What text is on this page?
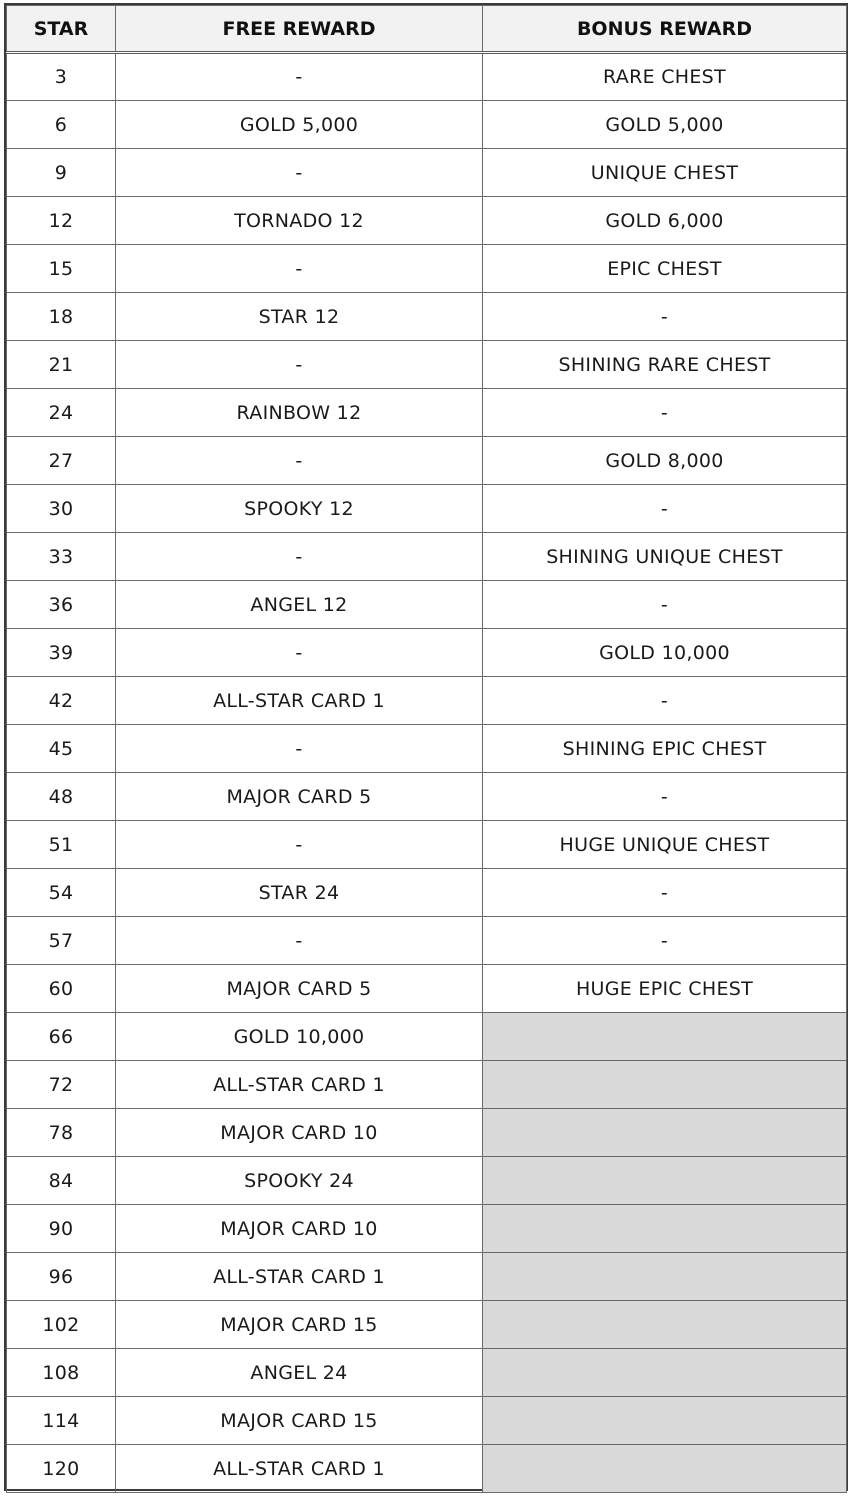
STAR	FREE REWARD	BONUS REWARD
3	-	RARE CHEST
6	GOLD 5,000	GOLD 5,000
9	-	UNIQUE CHEST
12	TORNADO 12	GOLD 6,000
15	-	EPIC CHEST
18	STAR 12	-
21	-	SHINING RARE CHEST
24	RAINBOW 12	-
27	-	GOLD 8,000
30	SPOOKY 12	-
33	-	SHINING UNIQUE CHEST
36	ANGEL 12	-
39	-	GOLD 10,000
42	ALL-STAR CARD 1	-
45	-	SHINING EPIC CHEST
48	MAJOR CARD 5	-
51	-	HUGE UNIQUE CHEST
54	STAR 24	-
57	-	-
60	MAJOR CARD 5	HUGE EPIC CHEST
66	GOLD 10,000	
72	ALL-STAR CARD 1	
78	MAJOR CARD 10	
84	SPOOKY 24	
90	MAJOR CARD 10	
96	ALL-STAR CARD 1	
102	MAJOR CARD 15	
108	ANGEL 24	
114	MAJOR CARD 15	
120	ALL-STAR CARD 1	
